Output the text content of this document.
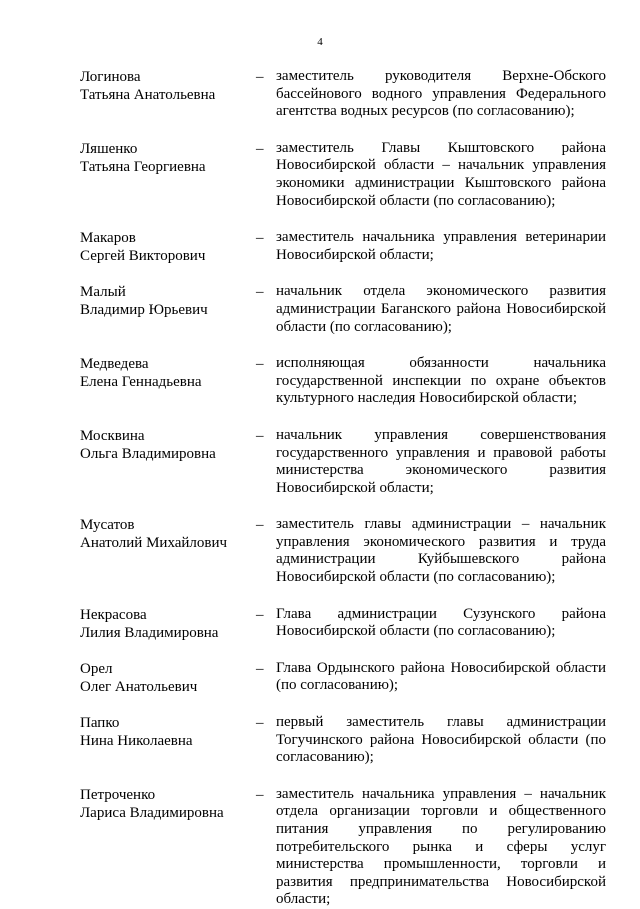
4
Логинова
Татьяна Анатольевна
– заместитель руководителя Верхне-Обского бассейнового водного управления Федерального агентства водных ресурсов (по согласованию);
Ляшенко
Татьяна Георгиевна
– заместитель Главы Кыштовского района Новосибирской области – начальник управления экономики администрации Кыштовского района Новосибирской области (по согласованию);
Макаров
Сергей Викторович
– заместитель начальника управления ветеринарии Новосибирской области;
Малый
Владимир Юрьевич
– начальник отдела экономического развития администрации Баганского района Новосибирской области (по согласованию);
Медведева
Елена Геннадьевна
– исполняющая обязанности начальника государственной инспекции по охране объектов культурного наследия Новосибирской области;
Москвина
Ольга Владимировна
– начальник управления совершенствования государственного управления и правовой работы министерства экономического развития Новосибирской области;
Мусатов
Анатолий Михайлович
– заместитель главы администрации – начальник управления экономического развития и труда администрации Куйбышевского района Новосибирской области (по согласованию);
Некрасова
Лилия Владимировна
– Глава администрации Сузунского района Новосибирской области (по согласованию);
Орел
Олег Анатольевич
– Глава Ордынского района Новосибирской области (по согласованию);
Папко
Нина Николаевна
– первый заместитель главы администрации Тогучинского района Новосибирской области (по согласованию);
Петроченко
Лариса Владимировна
– заместитель начальника управления – начальник отдела организации торговли и общественного питания управления по регулированию потребительского рынка и сферы услуг министерства промышленности, торговли и развития предпринимательства Новосибирской области;
